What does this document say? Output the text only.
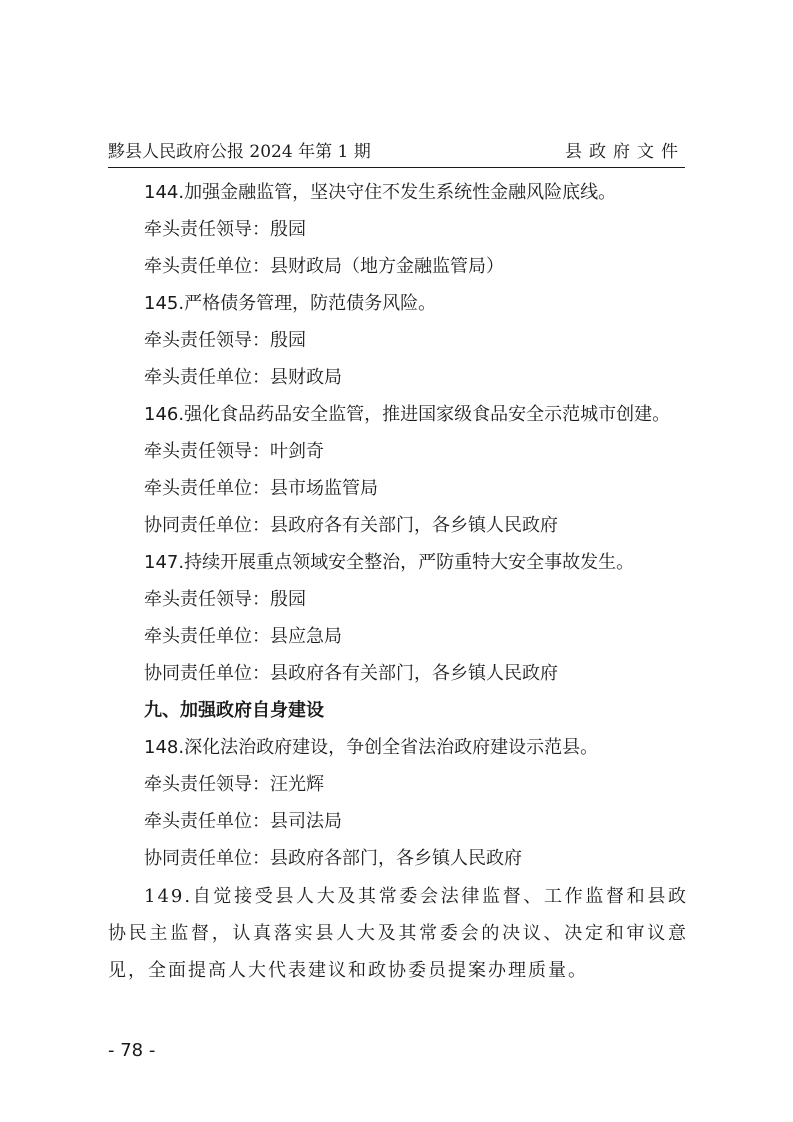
黟县人民政府公报 2024 年第 1 期	县政府文件
144.加强金融监管，坚决守住不发生系统性金融风险底线。
牵头责任领导：殷园
牵头责任单位：县财政局（地方金融监管局）
145.严格债务管理，防范债务风险。
牵头责任领导：殷园
牵头责任单位：县财政局
146.强化食品药品安全监管，推进国家级食品安全示范城市创建。
牵头责任领导：叶剑奇
牵头责任单位：县市场监管局
协同责任单位：县政府各有关部门，各乡镇人民政府
147.持续开展重点领域安全整治，严防重特大安全事故发生。
牵头责任领导：殷园
牵头责任单位：县应急局
协同责任单位：县政府各有关部门，各乡镇人民政府
九、加强政府自身建设
148.深化法治政府建设，争创全省法治政府建设示范县。
牵头责任领导：汪光辉
牵头责任单位：县司法局
协同责任单位：县政府各部门，各乡镇人民政府
149.自觉接受县人大及其常委会法律监督、工作监督和县政协民主监督，认真落实县人大及其常委会的决议、决定和审议意见，全面提高人大代表建议和政协委员提案办理质量。
- 78 -
